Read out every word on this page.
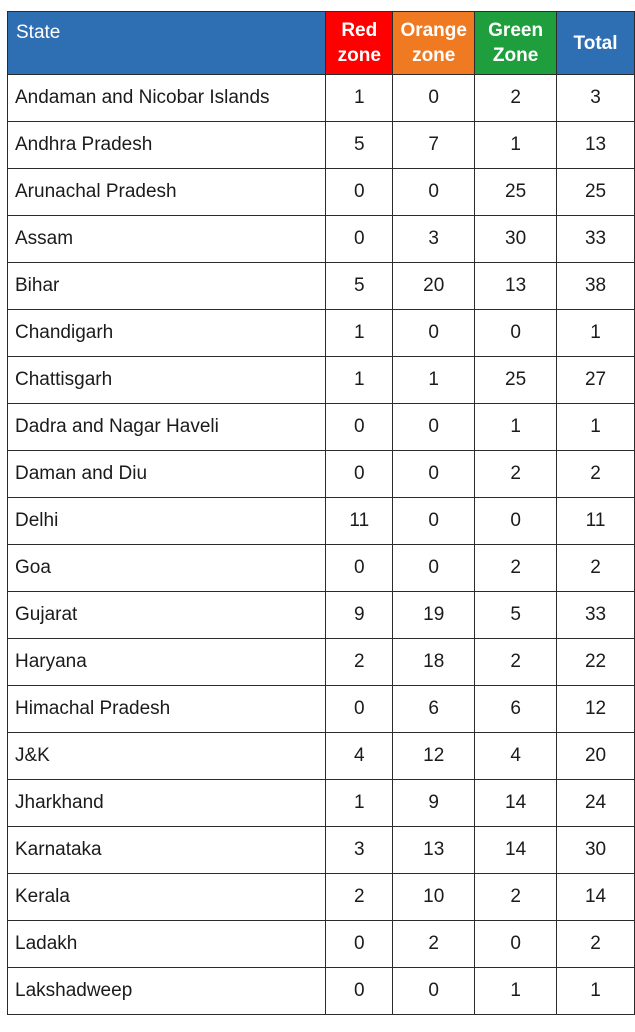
State	Red zone	Orange zone	Green Zone	Total
Andaman and Nicobar Islands	1	0	2	3
Andhra Pradesh	5	7	1	13
Arunachal Pradesh	0	0	25	25
Assam	0	3	30	33
Bihar	5	20	13	38
Chandigarh	1	0	0	1
Chattisgarh	1	1	25	27
Dadra and Nagar Haveli	0	0	1	1
Daman and Diu	0	0	2	2
Delhi	11	0	0	11
Goa	0	0	2	2
Gujarat	9	19	5	33
Haryana	2	18	2	22
Himachal Pradesh	0	6	6	12
J&K	4	12	4	20
Jharkhand	1	9	14	24
Karnataka	3	13	14	30
Kerala	2	10	2	14
Ladakh	0	2	0	2
Lakshadweep	0	0	1	1
